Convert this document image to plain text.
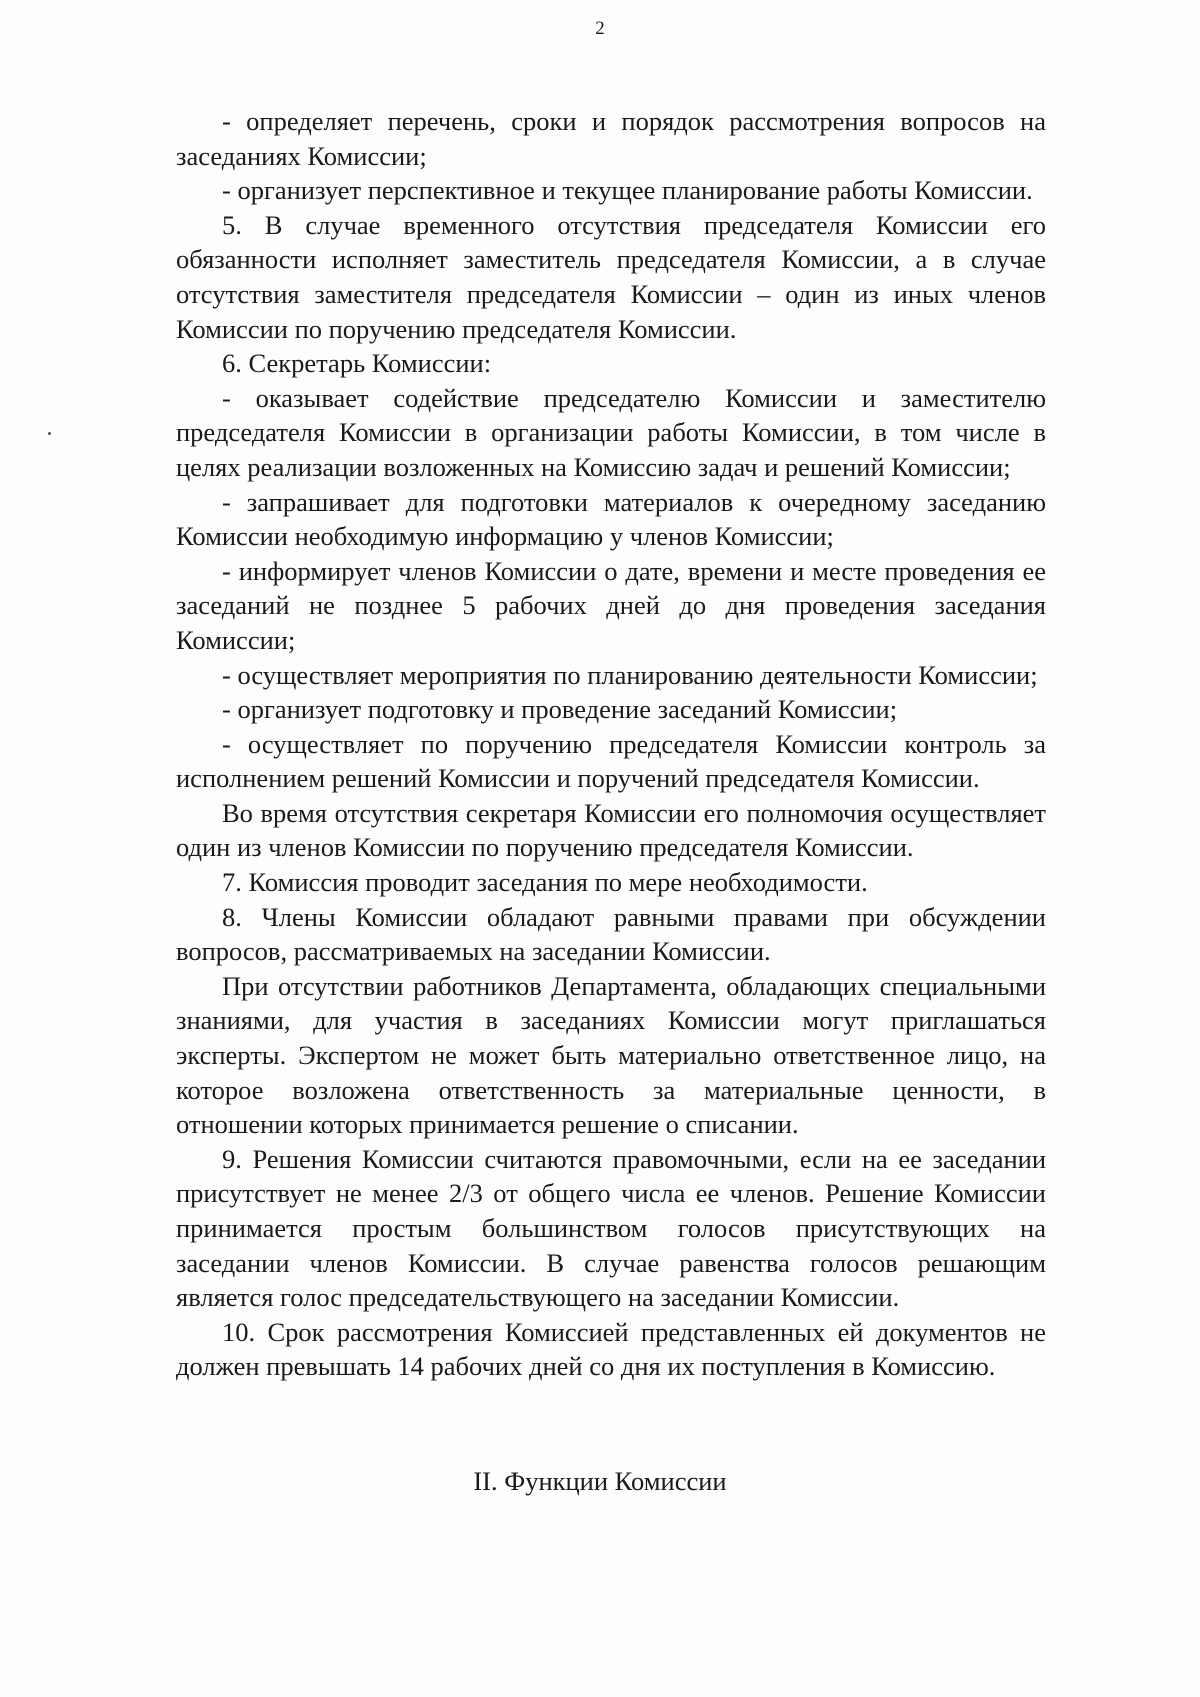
2

- определяет перечень, сроки и порядок рассмотрения вопросов на заседаниях Комиссии;

- организует перспективное и текущее планирование работы Комиссии.

5. В случае временного отсутствия председателя Комиссии его обязанности исполняет заместитель председателя Комиссии, а в случае отсутствия заместителя председателя Комиссии – один из иных членов Комиссии по поручению председателя Комиссии.

6. Секретарь Комиссии:

- оказывает содействие председателю Комиссии и заместителю председателя Комиссии в организации работы Комиссии, в том числе в целях реализации возложенных на Комиссию задач и решений Комиссии;

- запрашивает для подготовки материалов к очередному заседанию Комиссии необходимую информацию у членов Комиссии;

- информирует членов Комиссии о дате, времени и месте проведения ее заседаний не позднее 5 рабочих дней до дня проведения заседания Комиссии;

- осуществляет мероприятия по планированию деятельности Комиссии;

- организует подготовку и проведение заседаний Комиссии;

- осуществляет по поручению председателя Комиссии контроль за исполнением решений Комиссии и поручений председателя Комиссии.

Во время отсутствия секретаря Комиссии его полномочия осуществляет один из членов Комиссии по поручению председателя Комиссии.

7. Комиссия проводит заседания по мере необходимости.

8. Члены Комиссии обладают равными правами при обсуждении вопросов, рассматриваемых на заседании Комиссии.

При отсутствии работников Департамента, обладающих специальными знаниями, для участия в заседаниях Комиссии могут приглашаться эксперты. Экспертом не может быть материально ответственное лицо, на которое возложена ответственность за материальные ценности, в отношении которых принимается решение о списании.

9. Решения Комиссии считаются правомочными, если на ее заседании присутствует не менее 2/3 от общего числа ее членов. Решение Комиссии принимается простым большинством голосов присутствующих на заседании членов Комиссии. В случае равенства голосов решающим является голос председательствующего на заседании Комиссии.

10. Срок рассмотрения Комиссией представленных ей документов не должен превышать 14 рабочих дней со дня их поступления в Комиссию.

II. Функции Комиссии
